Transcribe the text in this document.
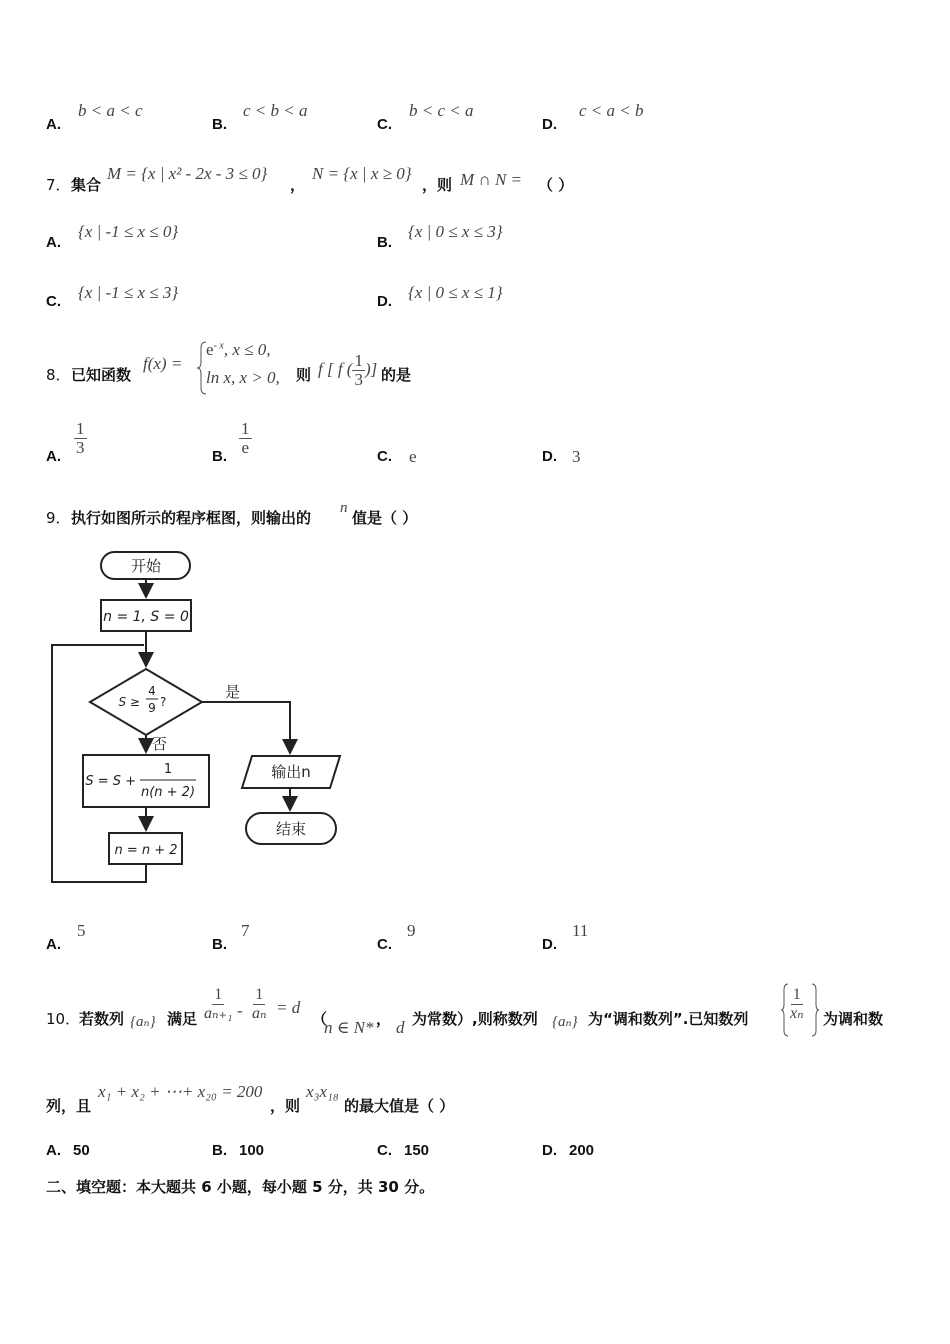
A.
b < a < c
B.
c < b < a
C.
b < c < a
D.
c < a < b
7． 集合
M = {x | x² - 2x - 3 ≤ 0}
，
N = {x | x ≥ 0}
，则 M ∩ N = （ ）
A.
{x | -1 ≤ x ≤ 0}
B.
{x | 0 ≤ x ≤ 3}
C. {x | -1 ≤ x ≤ 3}	D. {x | 0 ≤ x ≤ 1}
8． 已知函数
f(x) =
$e^{- x}$, x ≤ 0,
ln x, x > 0, 则 f [ f ( $\frac{1}{3}$ )] 的是
A. $\frac{1}{3}$	B. $\frac{1}{e}$	C. e	D. 3
9． 执行如图所示的程序框图，则输出的
n
值是（ ）
开始
n = 1, S = 0
S ≥
4
9 ?
是
否
S = S +
1
n(n + 2)
n = n + 2
输出n
结束
A.
5
B.
7
C.
9
D.
11
10．
若数列 {aₙ} 满足 $\frac{1}{\text{aₙ₊₁}} - \frac{1}{\text{aₙ}} = d$
（
n ∈ N* ， d 为常数）,则称数列 {aₙ} 为“调和数列”.已知数列 $\frac{1}{\text{xₙ}}$ 为调和数
列，且
x₁ + x₂ + ⋯+ x₂₀ = 200
，则
x₃x₁₈
的最大值是（ ）
A. 50	B. 100	C. 150	D. 200
二、填空题：本大题共 6 小题，每小题 5 分，共 30 分。
